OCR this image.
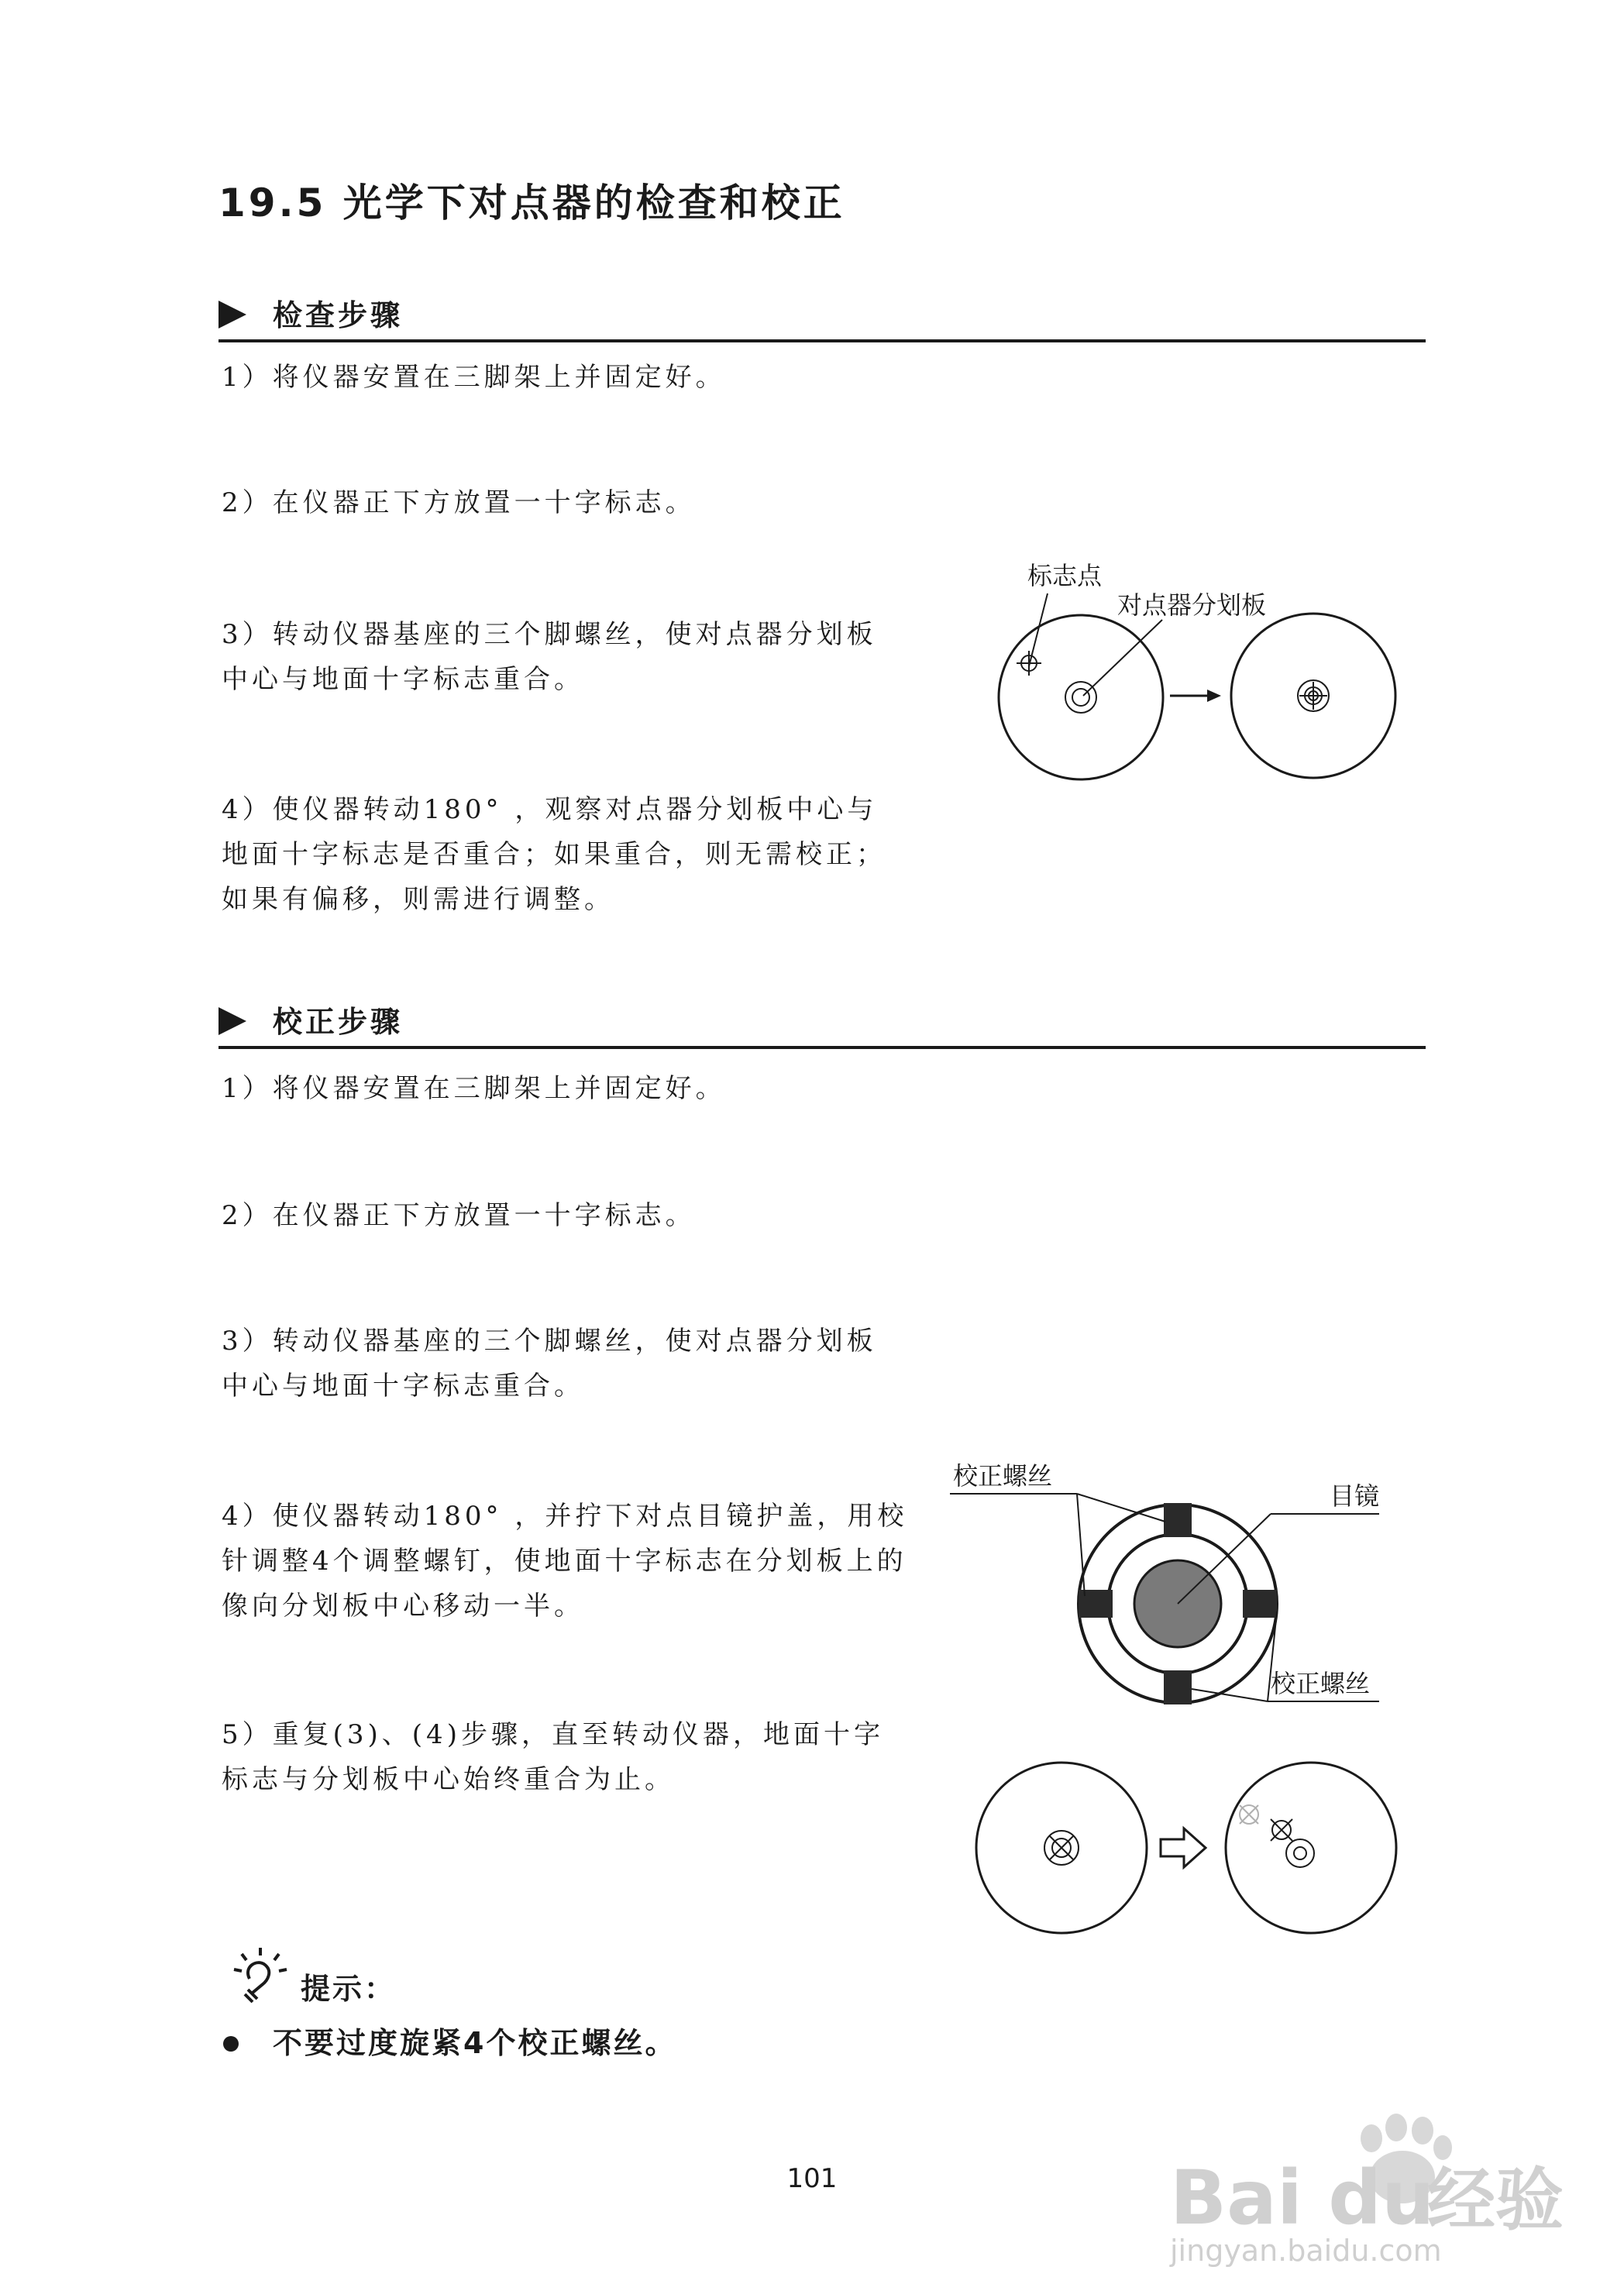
19.5 光学下对点器的检查和校正
检查步骤
1）将仪器安置在三脚架上并固定好。
2）在仪器正下方放置一十字标志。
3）转动仪器基座的三个脚螺丝，使对点器分划板中心与地面十字标志重合。
4）使仪器转动180° ，观察对点器分划板中心与地面十字标志是否重合；如果重合，则无需校正；如果有偏移，则需进行调整。
标志点
对点器分划板
校正步骤
1）将仪器安置在三脚架上并固定好。
2）在仪器正下方放置一十字标志。
3）转动仪器基座的三个脚螺丝，使对点器分划板中心与地面十字标志重合。
4）使仪器转动180° ，并拧下对点目镜护盖，用校针调整4个调整螺钉，使地面十字标志在分划板上的像向分划板中心移动一半。
5）重复(3)、(4)步骤，直至转动仪器，地面十字标志与分划板中心始终重合为止。
校正螺丝
目镜
校正螺丝
提示：
不要过度旋紧4个校正螺丝。
101	Bai du
经验
jingyan.baidu.com
